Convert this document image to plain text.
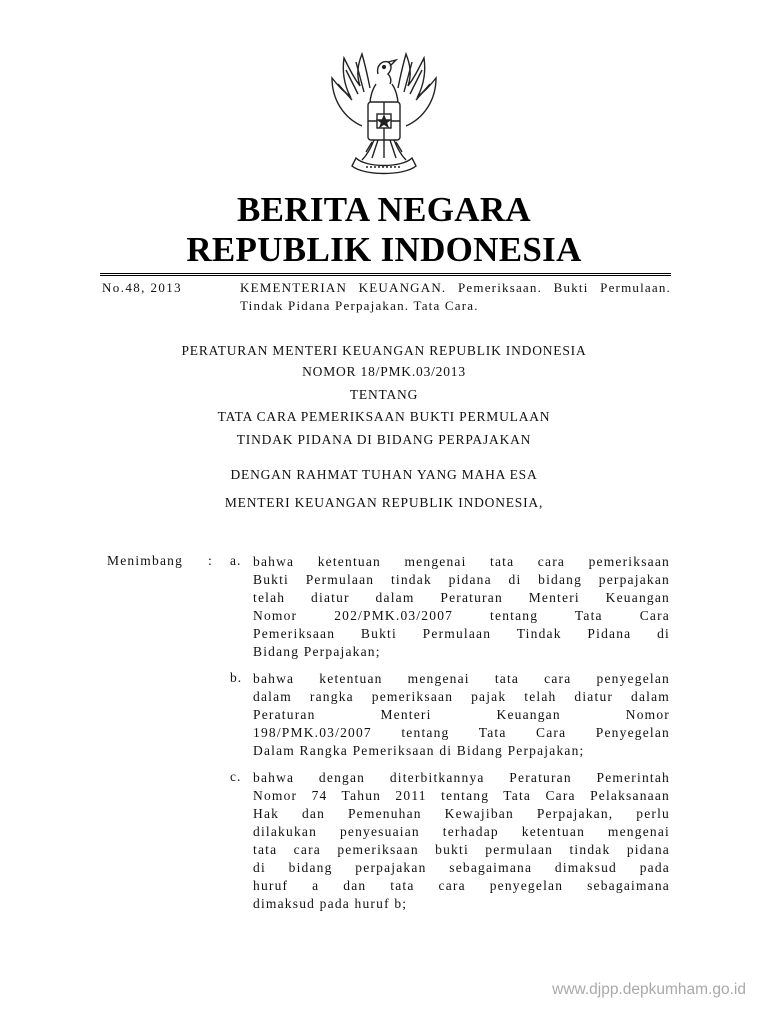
BERITA NEGARA
REPUBLIK INDONESIA
No.48, 2013	KEMENTERIAN KEUANGAN. Pemeriksaan. Bukti Permulaan. Tindak Pidana Perpajakan. Tata Cara.
PERATURAN MENTERI KEUANGAN REPUBLIK INDONESIA
NOMOR 18/PMK.03/2013
TENTANG
TATA CARA PEMERIKSAAN BUKTI PERMULAAN
TINDAK PIDANA DI BIDANG PERPAJAKAN
DENGAN RAHMAT TUHAN YANG MAHA ESA
MENTERI KEUANGAN REPUBLIK INDONESIA,
Menimbang : a. bahwa ketentuan mengenai tata cara pemeriksaan
Bukti Permulaan tindak pidana di bidang perpajakan
telah diatur dalam Peraturan Menteri Keuangan
Nomor 202/PMK.03/2007 tentang Tata Cara
Pemeriksaan Bukti Permulaan Tindak Pidana di
Bidang Perpajakan;
b. bahwa ketentuan mengenai tata cara penyegelan
dalam rangka pemeriksaan pajak telah diatur dalam
Peraturan Menteri Keuangan Nomor
198/PMK.03/2007 tentang Tata Cara Penyegelan
Dalam Rangka Pemeriksaan di Bidang Perpajakan;
c. bahwa dengan diterbitkannya Peraturan Pemerintah
Nomor 74 Tahun 2011 tentang Tata Cara Pelaksanaan
Hak dan Pemenuhan Kewajiban Perpajakan, perlu
dilakukan penyesuaian terhadap ketentuan mengenai
tata cara pemeriksaan bukti permulaan tindak pidana
di bidang perpajakan sebagaimana dimaksud pada
huruf a dan tata cara penyegelan sebagaimana
dimaksud pada huruf b;
www.djpp.depkumham.go.id
